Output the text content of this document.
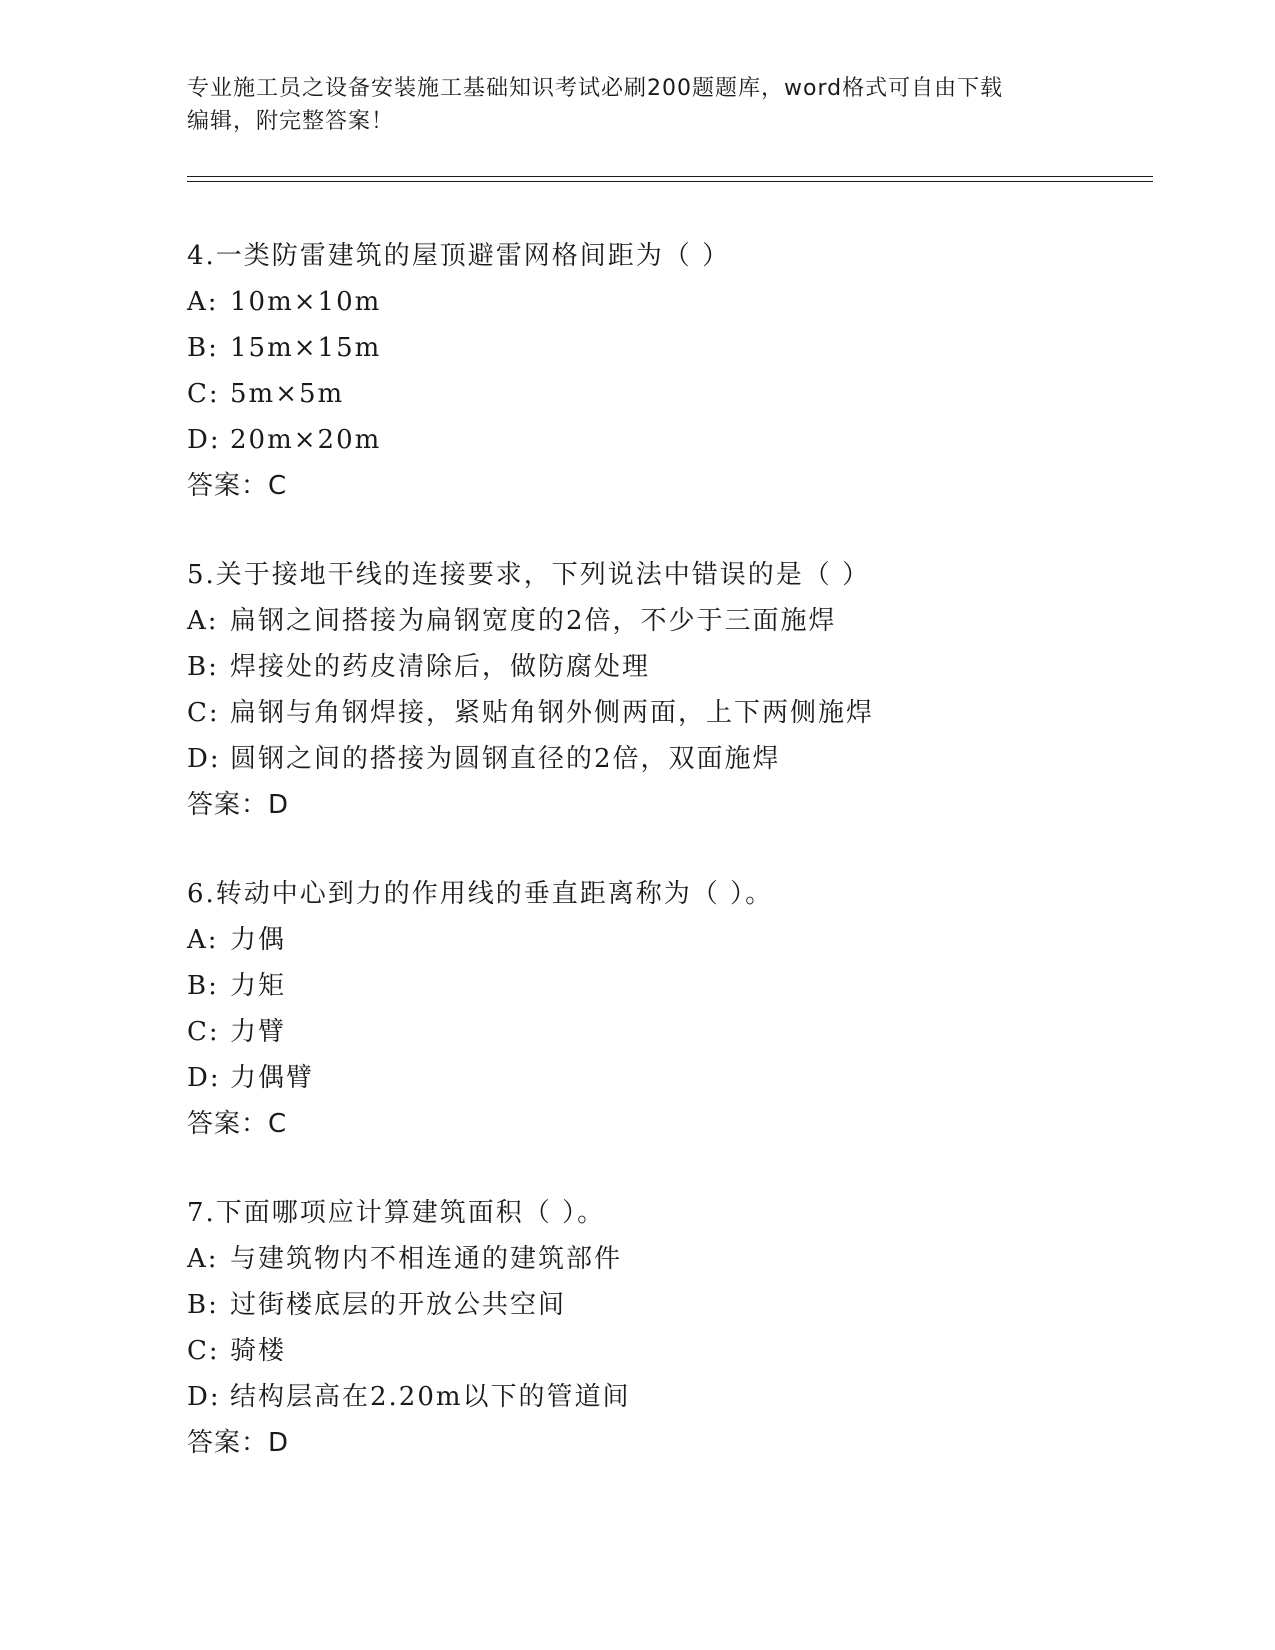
专业施工员之设备安装施工基础知识考试必刷200题题库，word格式可自由下载
编辑，附完整答案！
4.一类防雷建筑的屋顶避雷网格间距为（ ）
A: 10m×10m
B: 15m×15m
C: 5m×5m
D: 20m×20m
答案：C
5.关于接地干线的连接要求，下列说法中错误的是（ ）
A: 扁钢之间搭接为扁钢宽度的2倍，不少于三面施焊
B: 焊接处的药皮清除后，做防腐处理
C: 扁钢与角钢焊接，紧贴角钢外侧两面，上下两侧施焊
D: 圆钢之间的搭接为圆钢直径的2倍，双面施焊
答案：D
6.转动中心到力的作用线的垂直距离称为（ ）。
A: 力偶
B: 力矩
C: 力臂
D: 力偶臂
答案：C
7.下面哪项应计算建筑面积（ ）。
A: 与建筑物内不相连通的建筑部件
B: 过街楼底层的开放公共空间
C: 骑楼
D: 结构层高在2.20m以下的管道间
答案：D
